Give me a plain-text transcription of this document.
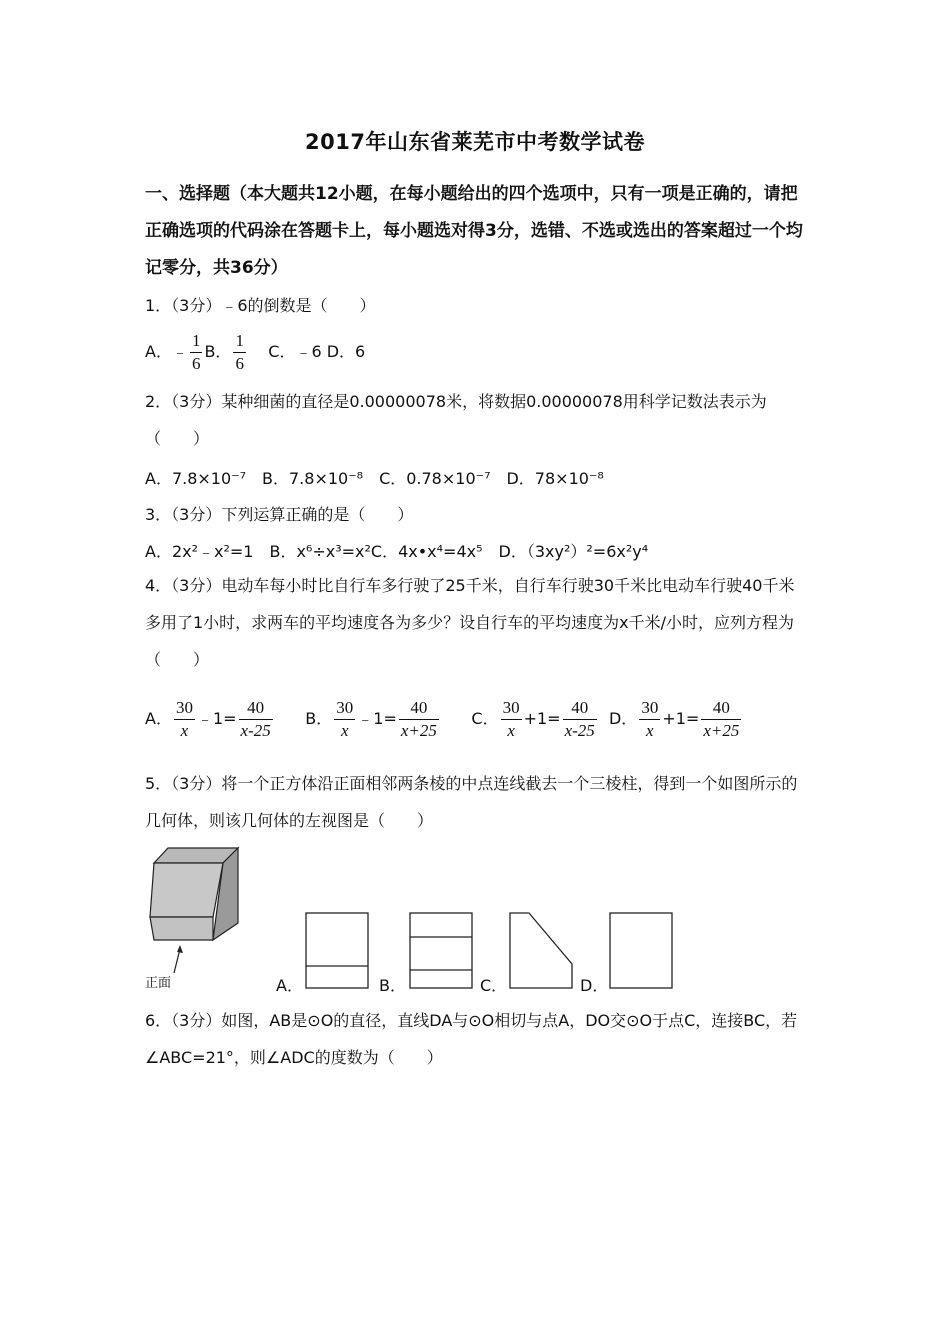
2017年山东省莱芜市中考数学试卷
一、选择题（本大题共12小题，在每小题给出的四个选项中，只有一项是正确的，请把正确选项的代码涂在答题卡上，每小题选对得3分，选错、不选或选出的答案超过一个均记零分，共36分）
1．（3分）﹣6的倒数是（　　）
A．﹣ $\frac{1}{6}$ B． $\frac{1}{6}$ C．﹣6 D．6
2．（3分）某种细菌的直径是0.00000078米，将数据0.00000078用科学记数法表示为（　　）
A．7.8×10⁻⁷　B．7.8×10⁻⁸　C．0.78×10⁻⁷　D．78×10⁻⁸
3．（3分）下列运算正确的是（　　）
A．2x²﹣x²=1　B．x⁶÷x³=x²C．4x•x⁴=4x⁵　D．（3xy²）²=6x²y⁴
4．（3分）电动车每小时比自行车多行驶了25千米，自行车行驶30千米比电动车行驶40千米多用了1小时，求两车的平均速度各为多少？设自行车的平均速度为x千米/小时，应列方程为（　　）
A． $\frac{30}{x}$ ﹣1= $\frac{40}{x-25}$ B． $\frac{30}{x}$ ﹣1= $\frac{40}{x+25}$ C． $\frac{30}{x} +1= \frac{40}{x-25}$ D． $\frac{30}{x} +1= \frac{40}{x+25}$
5．（3分）将一个正方体沿正面相邻两条棱的中点连线截去一个三棱柱，得到一个如图所示的几何体，则该几何体的左视图是（　　）
正面	A．	B．	C．	D．
6．（3分）如图，AB是⊙O的直径，直线DA与⊙O相切与点A，DO交⊙O于点C，连接BC，若∠ABC=21°，则∠ADC的度数为（　　）
